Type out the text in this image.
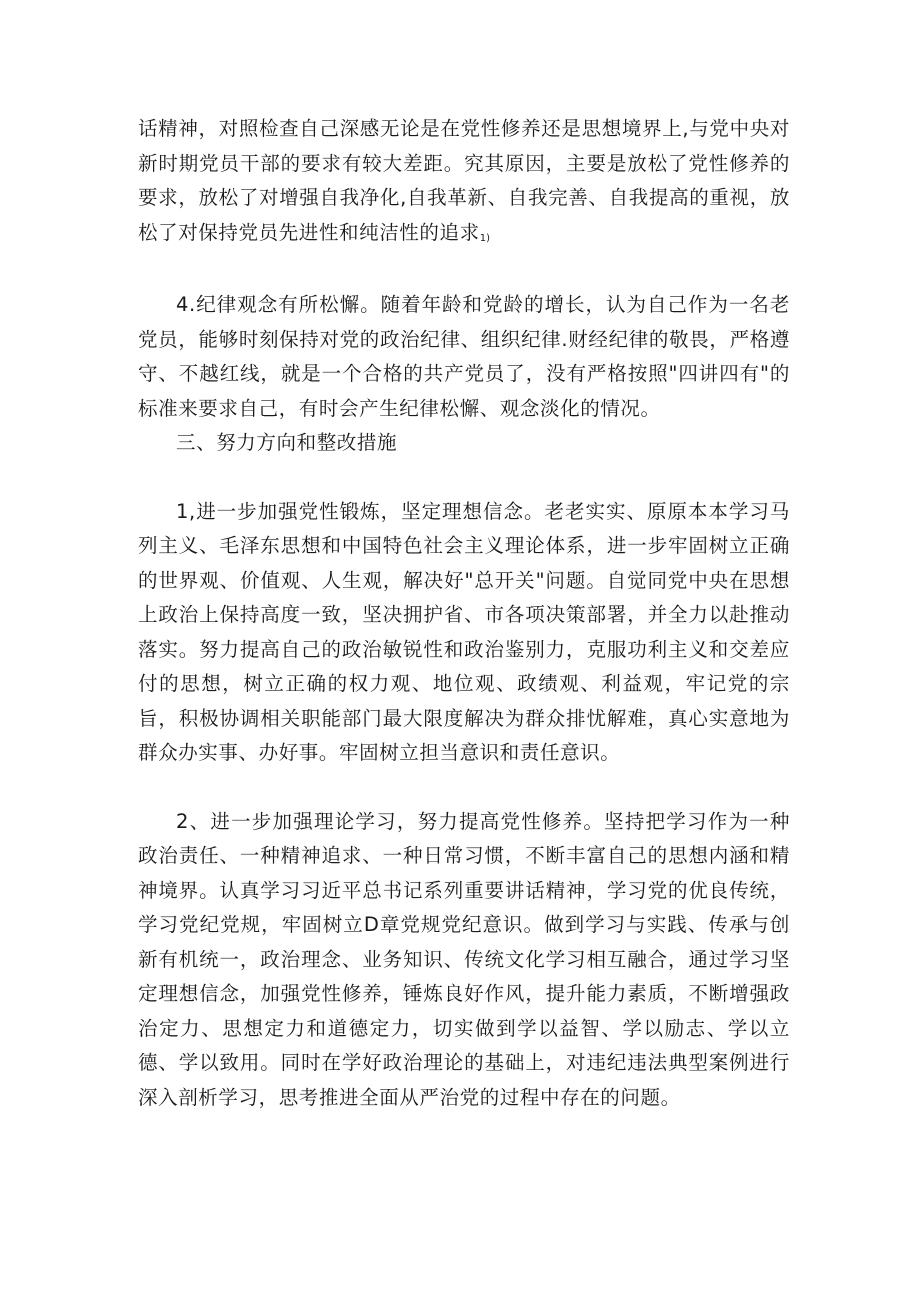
话精神，对照检查自己深感无论是在党性修养还是思想境界上,与党中央对新时期党员干部的要求有较大差距。究其原因，主要是放松了党性修养的要求，放松了对增强自我净化,自我革新、自我完善、自我提高的重视，放松了对保持党员先进性和纯洁性的追求1)

4.纪律观念有所松懈。随着年龄和党龄的增长，认为自己作为一名老党员，能够时刻保持对党的政治纪律、组织纪律.财经纪律的敬畏，严格遵守、不越红线，就是一个合格的共产党员了，没有严格按照"四讲四有"的标准来要求自己，有时会产生纪律松懈、观念淡化的情况。

三、努力方向和整改措施

1,进一步加强党性锻炼，坚定理想信念。老老实实、原原本本学习马列主义、毛泽东思想和中国特色社会主义理论体系，进一步牢固树立正确的世界观、价值观、人生观，解决好"总开关"问题。自觉同党中央在思想上政治上保持高度一致，坚决拥护省、市各项决策部署，并全力以赴推动落实。努力提高自己的政治敏锐性和政治鉴别力，克服功利主义和交差应付的思想，树立正确的权力观、地位观、政绩观、利益观，牢记党的宗旨，积极协调相关职能部门最大限度解决为群众排忧解难，真心实意地为群众办实事、办好事。牢固树立担当意识和责任意识。

2、进一步加强理论学习，努力提高党性修养。坚持把学习作为一种政治责任、一种精神追求、一种日常习惯，不断丰富自己的思想内涵和精神境界。认真学习习近平总书记系列重要讲话精神，学习党的优良传统，学习党纪党规，牢固树立D章党规党纪意识。做到学习与实践、传承与创新有机统一，政治理念、业务知识、传统文化学习相互融合，通过学习坚定理想信念，加强党性修养，锤炼良好作风，提升能力素质，不断增强政治定力、思想定力和道德定力，切实做到学以益智、学以励志、学以立德、学以致用。同时在学好政治理论的基础上，对违纪违法典型案例进行深入剖析学习，思考推进全面从严治党的过程中存在的问题。
